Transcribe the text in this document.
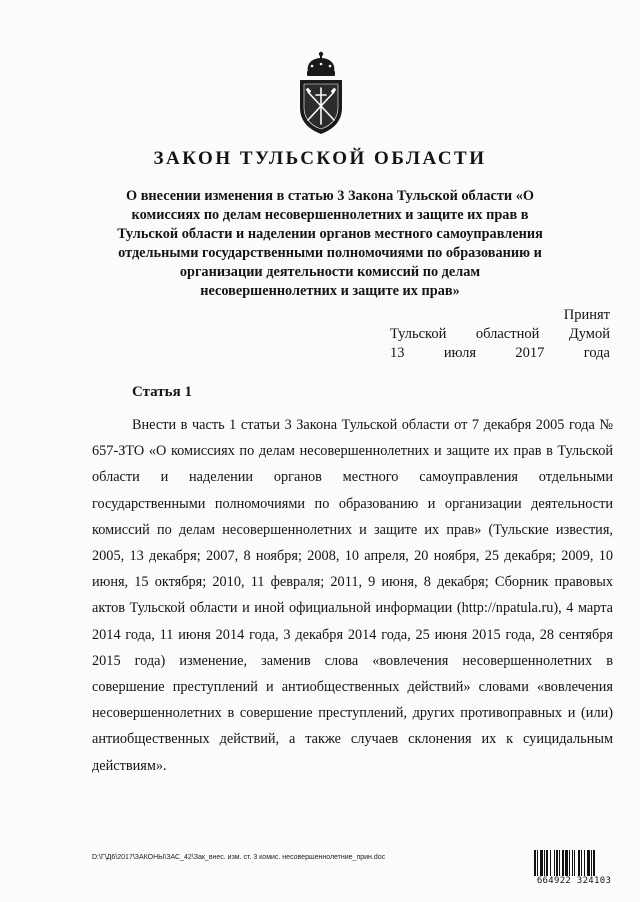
ЗАКОН ТУЛЬСКОЙ ОБЛАСТИ
О внесении изменения в статью 3 Закона Тульской области «О комиссиях по делам несовершеннолетних и защите их прав в Тульской области и наделении органов местного самоуправления отдельными государственными полномочиями по образованию и организации деятельности комиссий по делам несовершеннолетних и защите их прав»
Принят
Тульской областной Думой
13	июля	2017	года
Статья 1
Внести в часть 1 статьи 3 Закона Тульской области от 7 декабря 2005 года № 657-ЗТО «О комиссиях по делам несовершеннолетних и защите их прав в Тульской области и наделении органов местного самоуправления отдельными государственными полномочиями по образованию и организации деятельности комиссий по делам несовершеннолетних и защите их прав» (Тульские известия, 2005, 13 декабря; 2007, 8 ноября; 2008, 10 апреля, 20 ноября, 25 декабря; 2009, 10 июня, 15 октября; 2010, 11 февраля; 2011, 9 июня, 8 декабря; Сборник правовых актов Тульской области и иной официальной информации (http://npatula.ru), 4 марта 2014 года, 11 июня 2014 года, 3 декабря 2014 года, 25 июня 2015 года, 28 сентября 2015 года) изменение, заменив слова «вовлечения несовершеннолетних в совершение преступлений и антиобщественных действий» словами «вовлечения несовершеннолетних в совершение преступлений, других противоправных и (или) антиобщественных действий, а также случаев склонения их к суицидальным действиям».
D:\Г\Д6\2017\ЗАКОНЫ\ЗАС_42\Зак_внес. изм. ст. 3 комис. несовершеннолетние_прин.doc
664922 324103
